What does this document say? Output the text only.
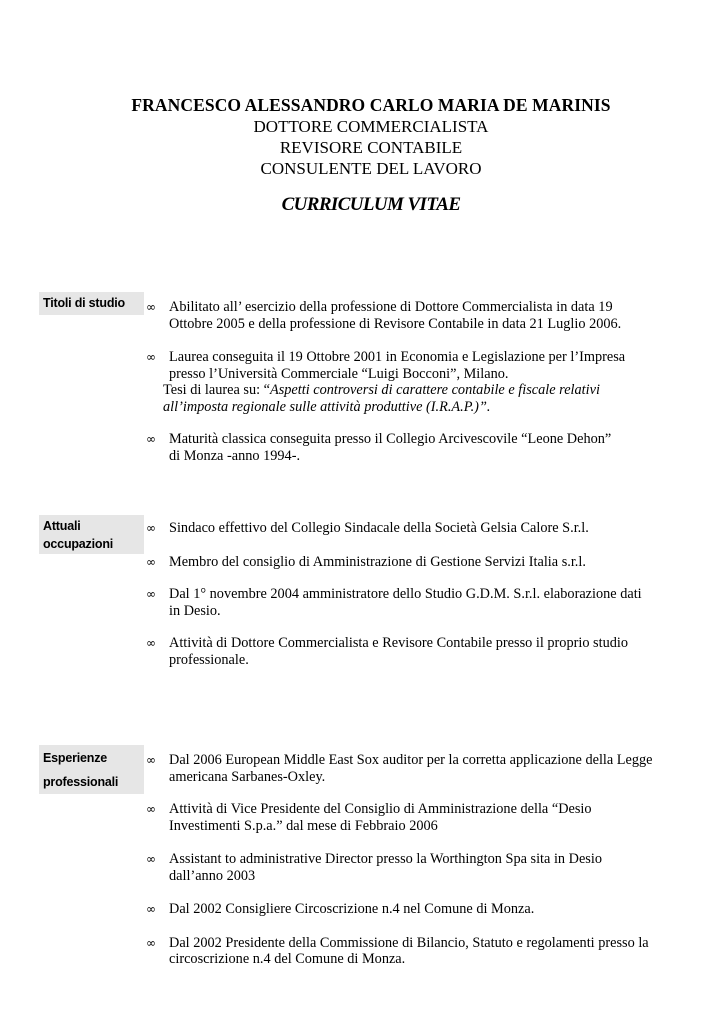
FRANCESCO ALESSANDRO CARLO MARIA DE MARINIS
DOTTORE COMMERCIALISTA
REVISORE CONTABILE
CONSULENTE DEL LAVORO
CURRICULUM VITAE
Titoli di studio	∞ Abilitato all’ esercizio della professione di Dottore Commercialista in data 19
Ottobre 2005 e della professione di Revisore Contabile in data 21 Luglio 2006.
∞ Laurea conseguita il 19 Ottobre 2001 in Economia e Legislazione per l’Impresa
presso l’Università Commerciale “Luigi Bocconi”, Milano.
Tesi di laurea su: “Aspetti controversi di carattere contabile e fiscale relativi
all’imposta regionale sulle attività produttive (I.R.A.P.)”.
∞ Maturità classica conseguita presso il Collegio Arcivescovile “Leone Dehon”
di Monza -anno 1994-.
Attuali
occupazioni
∞ Sindaco effettivo del Collegio Sindacale della Società Gelsia Calore S.r.l.
∞ Membro del consiglio di Amministrazione di Gestione Servizi Italia s.r.l.
∞ Dal 1° novembre 2004 amministratore dello Studio G.D.M. S.r.l. elaborazione dati
in Desio.
∞ Attività di Dottore Commercialista e Revisore Contabile presso il proprio studio
professionale.
Esperienze
professionali
∞ Dal 2006 European Middle East Sox auditor per la corretta applicazione della Legge
americana Sarbanes-Oxley.
∞ Attività di Vice Presidente del Consiglio di Amministrazione della “Desio
Investimenti S.p.a.” dal mese di Febbraio 2006
∞ Assistant to administrative Director presso la Worthington Spa sita in Desio
dall’anno 2003
∞ Dal 2002 Consigliere Circoscrizione n.4 nel Comune di Monza.
∞ Dal 2002 Presidente della Commissione di Bilancio, Statuto e regolamenti presso la
circoscrizione n.4 del Comune di Monza.
